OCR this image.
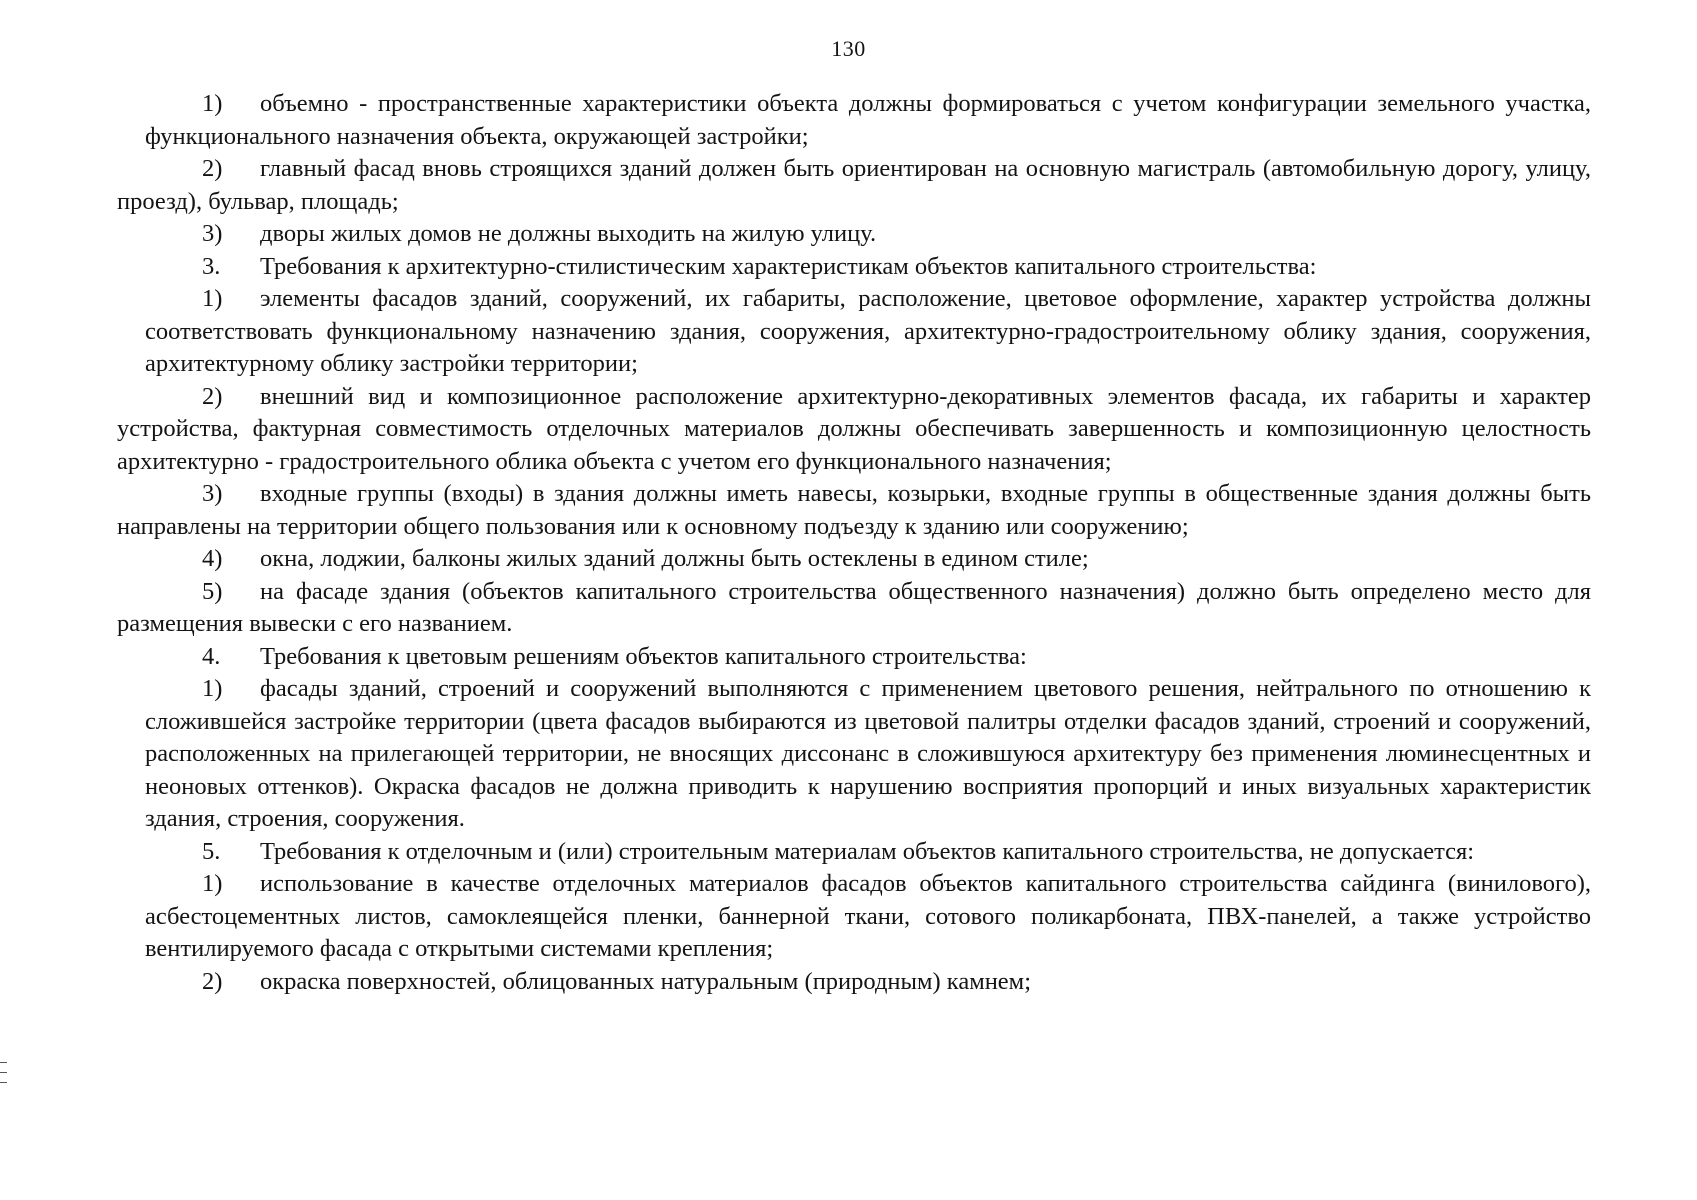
130

1) объемно - пространственные характеристики объекта должны формироваться с учетом конфигурации земельного участка, функционального назначения объекта, окружающей застройки;

2) главный фасад вновь строящихся зданий должен быть ориентирован на основную магистраль (автомобильную дорогу, улицу, проезд), бульвар, площадь;

3) дворы жилых домов не должны выходить на жилую улицу.

3. Требования к архитектурно-стилистическим характеристикам объектов капитального строительства:

1) элементы фасадов зданий, сооружений, их габариты, расположение, цветовое оформление, характер устройства должны соответствовать функциональному назначению здания, сооружения, архитектурно-градостроительному облику здания, сооружения, архитектурному облику застройки территории;

2) внешний вид и композиционное расположение архитектурно-декоративных элементов фасада, их габариты и характер устройства, фактурная совместимость отделочных материалов должны обеспечивать завершенность и композиционную целостность архитектурно - градостроительного облика объекта с учетом его функционального назначения;

3) входные группы (входы) в здания должны иметь навесы, козырьки, входные группы в общественные здания должны быть направлены на территории общего пользования или к основному подъезду к зданию или сооружению;

4) окна, лоджии, балконы жилых зданий должны быть остеклены в едином стиле;

5) на фасаде здания (объектов капитального строительства общественного назначения) должно быть определено место для размещения вывески с его названием.

4. Требования к цветовым решениям объектов капитального строительства:

1) фасады зданий, строений и сооружений выполняются с применением цветового решения, нейтрального по отношению к сложившейся застройке территории (цвета фасадов выбираются из цветовой палитры отделки фасадов зданий, строений и сооружений, расположенных на прилегающей территории, не вносящих диссонанс в сложившуюся архитектуру без применения люминесцентных и неоновых оттенков). Окраска фасадов не должна приводить к нарушению восприятия пропорций и иных визуальных характеристик здания, строения, сооружения.

5. Требования к отделочным и (или) строительным материалам объектов капитального строительства, не допускается:

1) использование в качестве отделочных материалов фасадов объектов капитального строительства сайдинга (винилового), асбестоцементных листов, самоклеящейся пленки, баннерной ткани, сотового поликарбоната, ПВХ-панелей, а также устройство вентилируемого фасада с открытыми системами крепления;

2) окраска поверхностей, облицованных натуральным (природным) камнем;
